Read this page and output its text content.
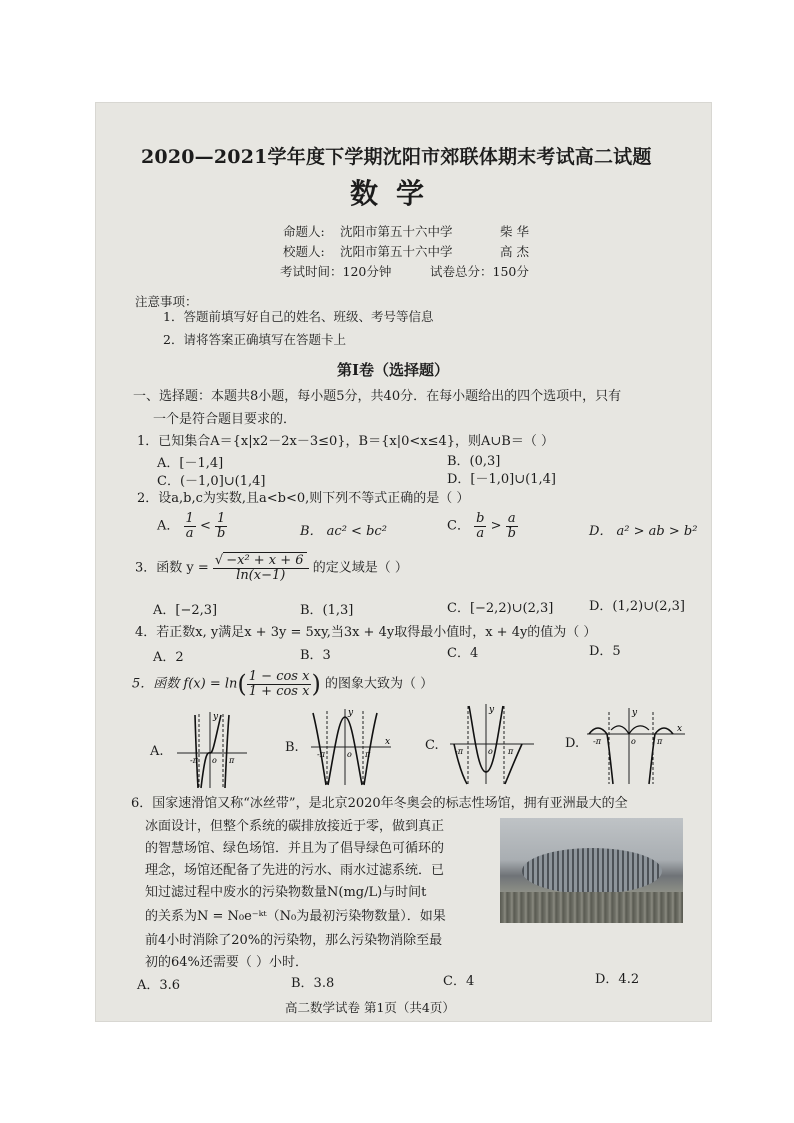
2020—2021学年度下学期沈阳市郊联体期末考试高二试题
数学
命题人: 沈阳市第五十六中学	柴 华
校题人: 沈阳市第五十六中学	高 杰
考试时间：120分钟	试卷总分：150分
注意事项：
1．答题前填写好自己的姓名、班级、考号等信息
2．请将答案正确填写在答题卡上
第Ⅰ卷（选择题）
一、选择题：本题共8小题，每小题5分，共40分．在每小题给出的四个选项中，只有
一个是符合题目要求的．
1．已知集合A＝{x|x2－2x－3≤0}，B＝{x|0<x≤4}，则A∪B＝（ ）
A．[－1,4]	B．(0,3]
C．(－1,0]∪(1,4]	D．[－1,0]∪(1,4]
2．设a,b,c为实数,且a<b<0,则下列不等式正确的是（ ）
A． $\frac{1}{a} < \frac{1}{b}$	B． ac² < bc²	C． $\frac{b}{a} > \frac{a}{b}$	D． a² > ab > b²
3．函数 $y = \frac{\text{√ −x² + x + 6}}{\ln(x-1)}$ 的定义域是（ ）
A．[−2,3]	B．(1,3]	C．[−2,2)∪(2,3]	D．(1,2)∪(2,3]
4．若正数x, y满足x + 3y = 5xy,当3x + 4y取得最小值时，x + 4y的值为（ ）
A．2	B．3	C．4	D．5
5．函数 $f(x) = \ln( \frac{\text{1 − cos x}}{\text{1 + cos x}}$ ) 的图象大致为（ ）
A.	B.	C.	D.
y
o π
-π
y
x
o π
-π
y
o π
-π
y
x
o	π
-π
6．国家速滑馆又称“冰丝带”，是北京2020年冬奥会的标志性场馆，拥有亚洲最大的全
冰面设计，但整个系统的碳排放接近于零，做到真正
的智慧场馆、绿色场馆．并且为了倡导绿色可循环的
理念，场馆还配备了先进的污水、雨水过滤系统．已
知过滤过程中废水的污染物数量N(mg/L)与时间t
的关系为N = N₀e⁻ᵏᵗ（N₀为最初污染物数量）．如果
前4小时消除了20%的污染物，那么污染物消除至最
初的64%还需要（ ）小时．
A．3.6	B．3.8	C．4	D．4.2
高二数学试卷 第1页（共4页）
